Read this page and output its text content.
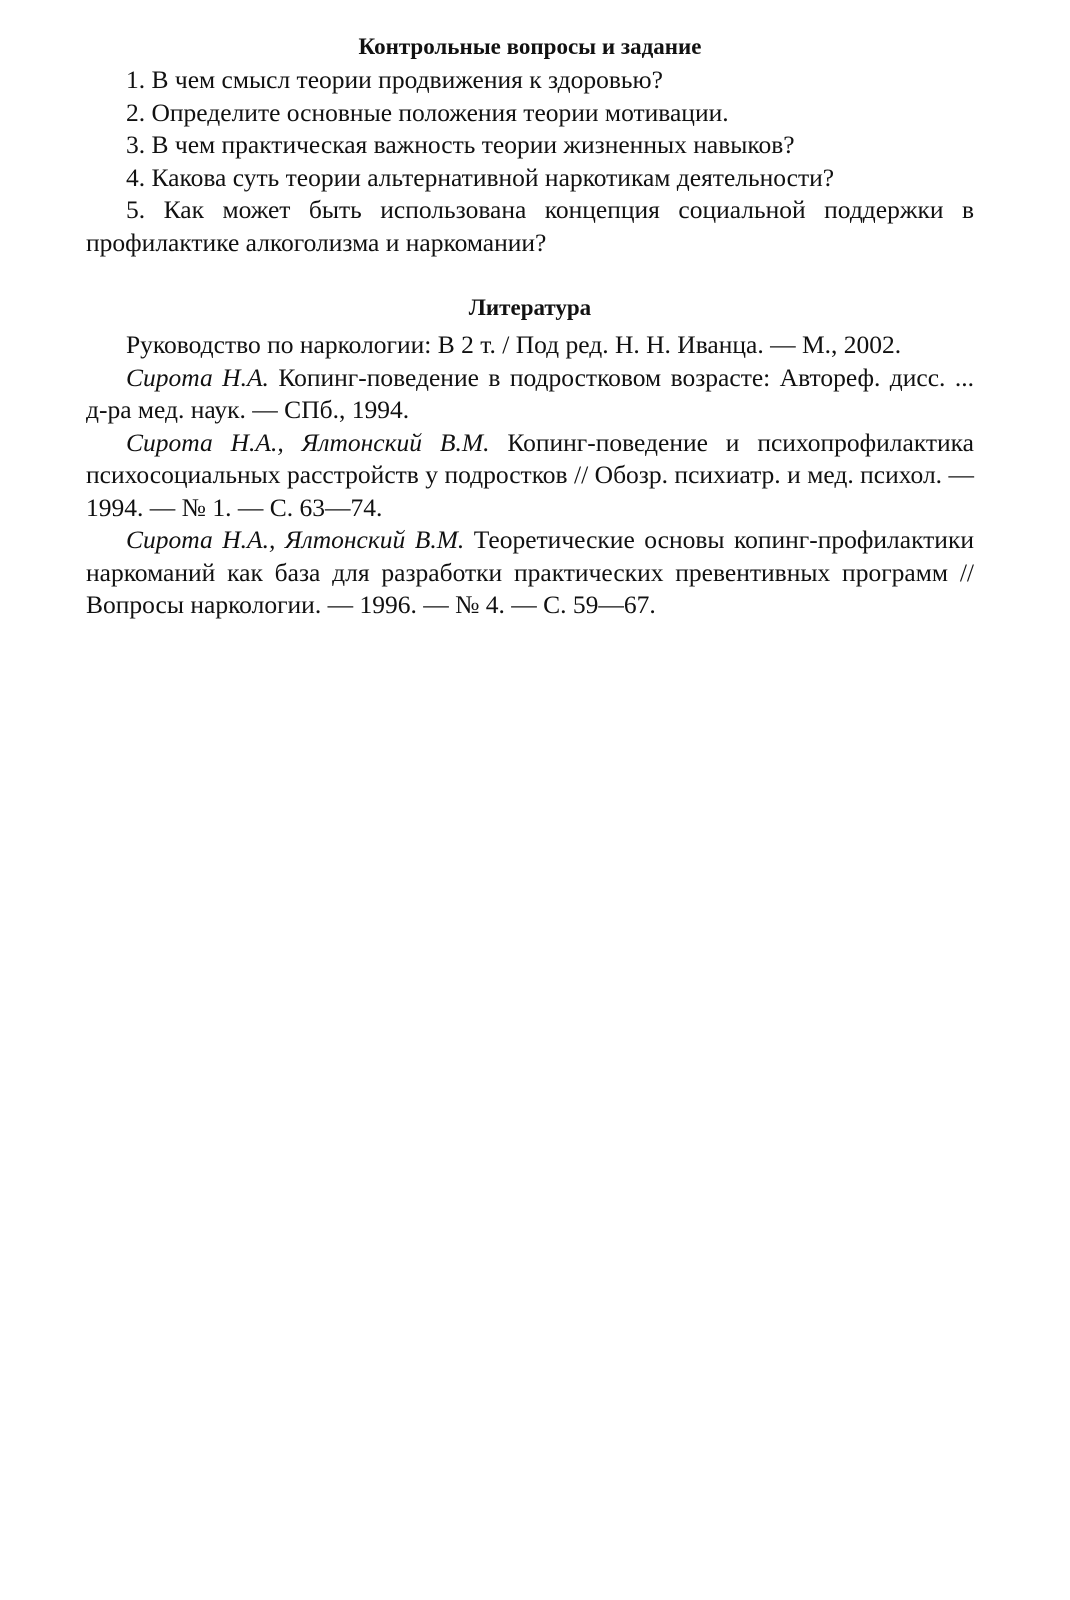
Контрольные вопросы и задание

1. В чем смысл теории продвижения к здоровью?

2. Определите основные положения теории мотивации.

3. В чем практическая важность теории жизненных навыков?

4. Какова суть теории альтернативной наркотикам деятельности?

5. Как может быть использована концепция социальной поддержки в профилактике алкоголизма и наркомании?

Литература

Руководство по наркологии: В 2 т. / Под ред. Н. Н. Иванца. — М., 2002.

Сирота Н.А. Копинг-поведение в подростковом возрасте: Автореф. дисс. ... д-ра мед. наук. — СПб., 1994.

Сирота Н.А., Ялтонский В.М. Копинг-поведение и психопрофилактика психосоциальных расстройств у подростков // Обозр. психиатр. и мед. психол. — 1994. — № 1. — С. 63—74.

Сирота Н.А., Ялтонский В.М. Теоретические основы копинг-профилактики наркоманий как база для разработки практических превентивных программ // Вопросы наркологии. — 1996. — № 4. — С. 59—67.
